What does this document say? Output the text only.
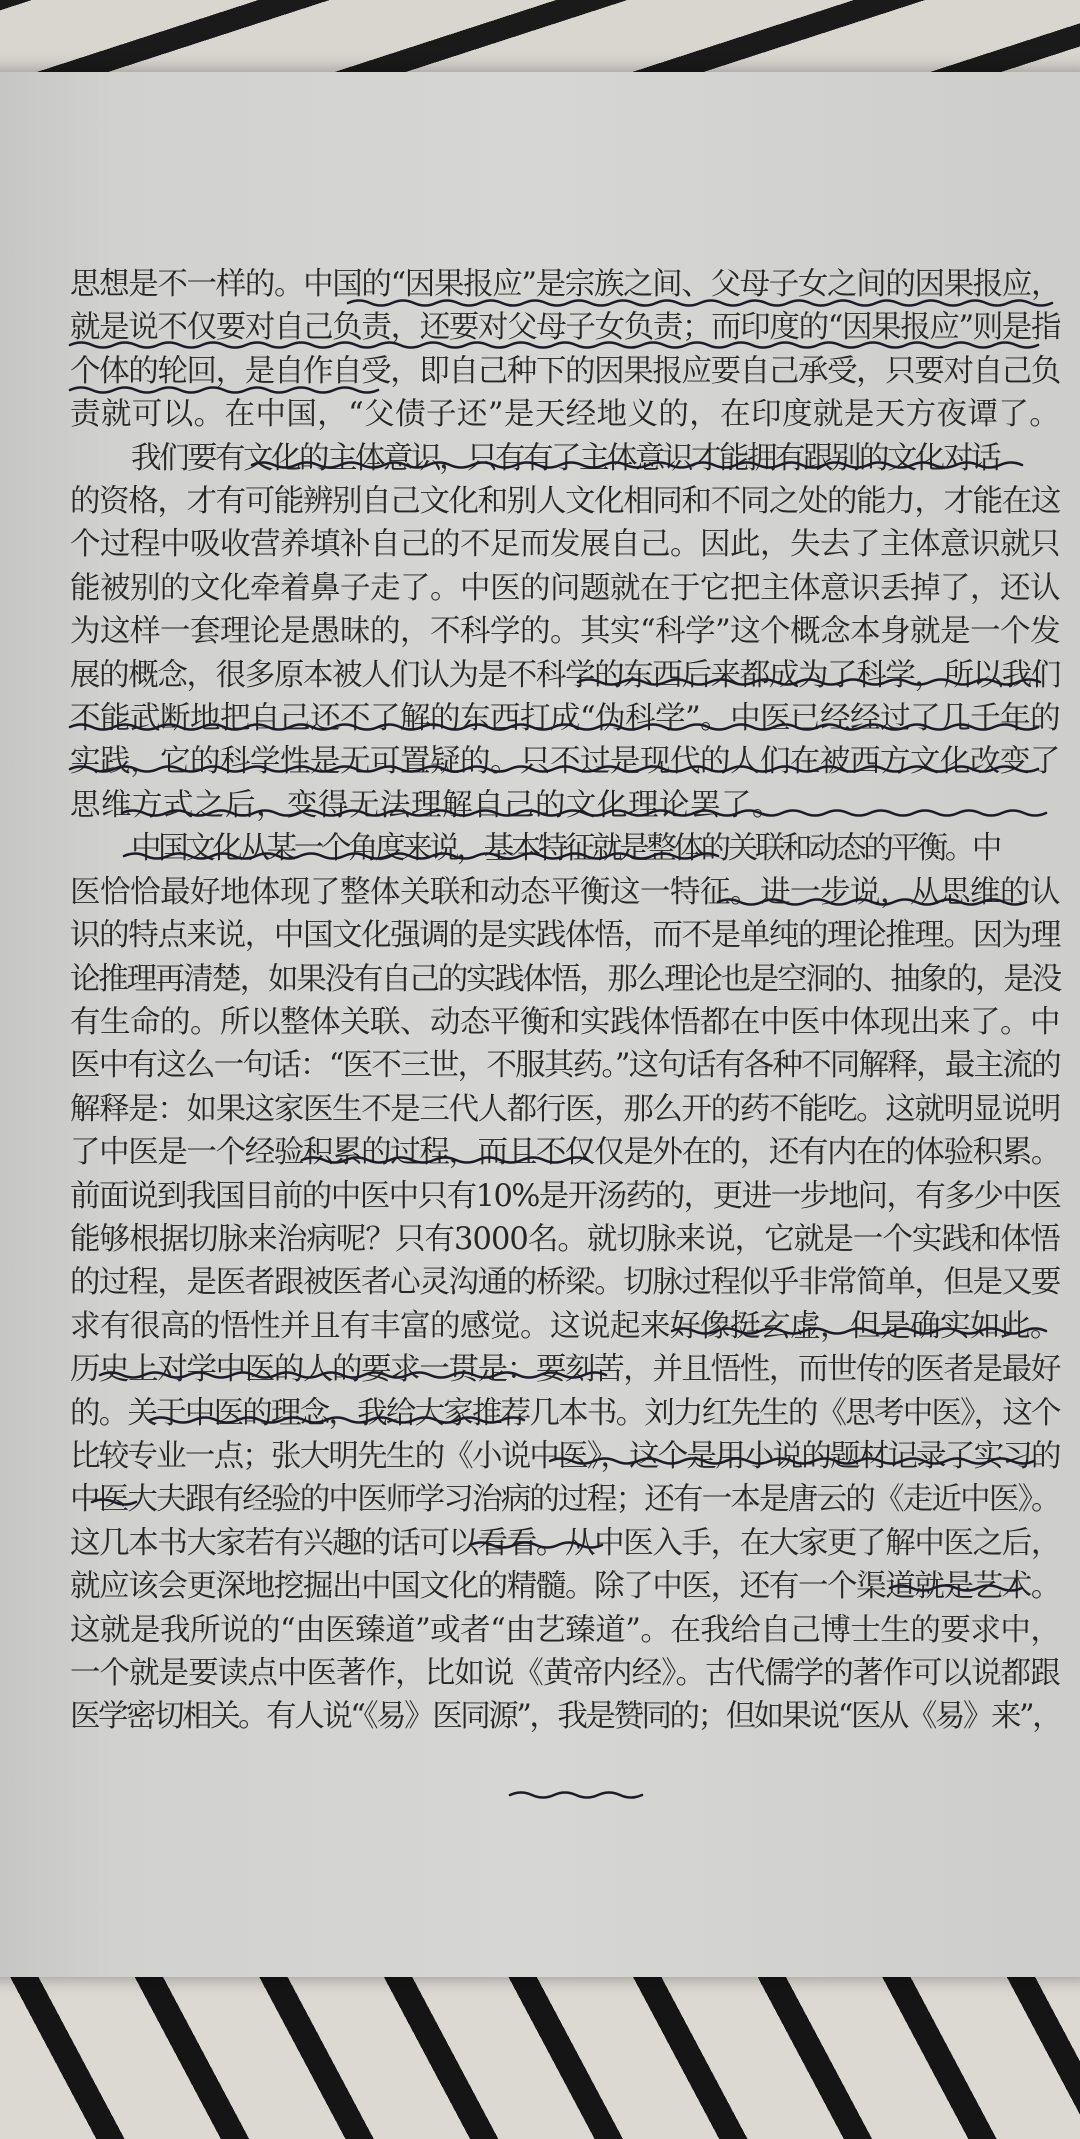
思想是不一样的。中国的“因果报应”是宗族之间、父母子女之间的因果报应，
就是说不仅要对自己负责，还要对父母子女负责；而印度的“因果报应”则是指
个体的轮回，是自作自受，即自己种下的因果报应要自己承受，只要对自己负
责就可以。在中国，“父债子还”是天经地义的，在印度就是天方夜谭了。

我们要有文化的主体意识，只有有了主体意识才能拥有跟别的文化对话
的资格，才有可能辨别自己文化和别人文化相同和不同之处的能力，才能在这
个过程中吸收营养填补自己的不足而发展自己。因此，失去了主体意识就只
能被别的文化牵着鼻子走了。中医的问题就在于它把主体意识丢掉了，还认
为这样一套理论是愚昧的，不科学的。其实“科学”这个概念本身就是一个发
展的概念，很多原本被人们认为是不科学的东西后来都成为了科学，所以我们
不能武断地把自己还不了解的东西打成“伪科学”。中医已经经过了几千年的
实践，它的科学性是无可置疑的。只不过是现代的人们在被西方文化改变了
思维方式之后，变得无法理解自己的文化理论罢了。

中国文化从某一个角度来说，基本特征就是整体的关联和动态的平衡。中
医恰恰最好地体现了整体关联和动态平衡这一特征。进一步说，从思维的认
识的特点来说，中国文化强调的是实践体悟，而不是单纯的理论推理。因为理
论推理再清楚，如果没有自己的实践体悟，那么理论也是空洞的、抽象的，是没
有生命的。所以整体关联、动态平衡和实践体悟都在中医中体现出来了。中
医中有这么一句话：“医不三世，不服其药。”这句话有各种不同解释，最主流的
解释是：如果这家医生不是三代人都行医，那么开的药不能吃。这就明显说明
了中医是一个经验积累的过程，而且不仅仅是外在的，还有内在的体验积累。
前面说到我国目前的中医中只有10%是开汤药的，更进一步地问，有多少中医
能够根据切脉来治病呢？只有3000名。就切脉来说，它就是一个实践和体悟
的过程，是医者跟被医者心灵沟通的桥梁。切脉过程似乎非常简单，但是又要
求有很高的悟性并且有丰富的感觉。这说起来好像挺玄虚，但是确实如此。
历史上对学中医的人的要求一贯是：要刻苦，并且悟性，而世传的医者是最好
的。关于中医的理念，我给大家推荐几本书。刘力红先生的《思考中医》，这个
比较专业一点；张大明先生的《小说中医》，这个是用小说的题材记录了实习的
中医大夫跟有经验的中医师学习治病的过程；还有一本是唐云的《走近中医》。
这几本书大家若有兴趣的话可以看看。从中医入手，在大家更了解中医之后，
就应该会更深地挖掘出中国文化的精髓。除了中医，还有一个渠道就是艺术。
这就是我所说的“由医臻道”或者“由艺臻道”。在我给自己博士生的要求中，
一个就是要读点中医著作，比如说《黄帝内经》。古代儒学的著作可以说都跟
医学密切相关。有人说“《易》医同源”，我是赞同的；但如果说“医从《易》来”，
